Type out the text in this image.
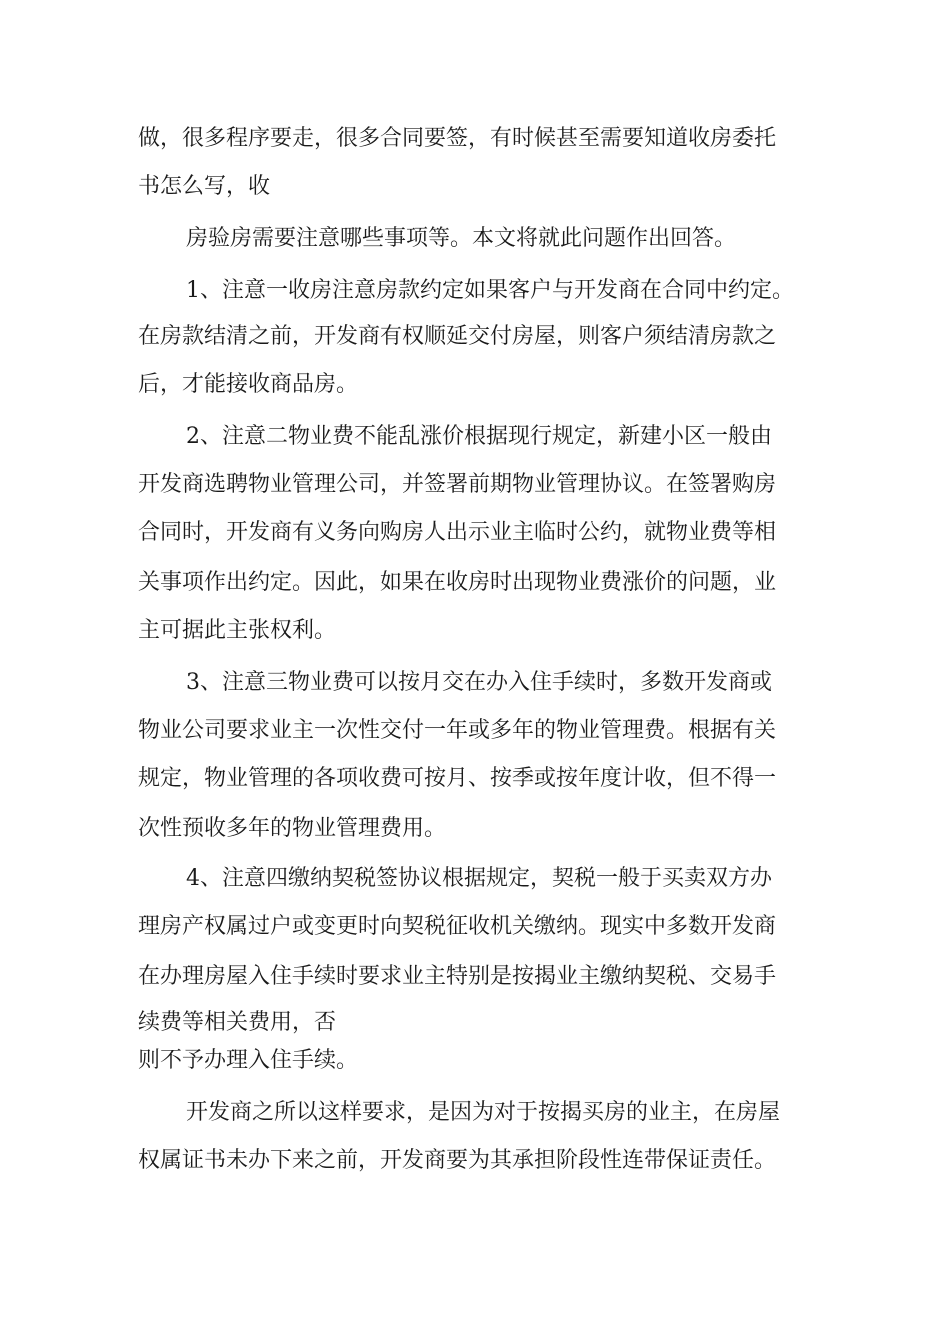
做，很多程序要走，很多合同要签，有时候甚至需要知道收房委托
书怎么写，收
房验房需要注意哪些事项等。本文将就此问题作出回答。
1、注意一收房注意房款约定如果客户与开发商在合同中约定。
在房款结清之前，开发商有权顺延交付房屋，则客户须结清房款之
后，才能接收商品房。
2、注意二物业费不能乱涨价根据现行规定，新建小区一般由
开发商选聘物业管理公司，并签署前期物业管理协议。在签署购房
合同时，开发商有义务向购房人出示业主临时公约，就物业费等相
关事项作出约定。因此，如果在收房时出现物业费涨价的问题，业
主可据此主张权利。
3、注意三物业费可以按月交在办入住手续时，多数开发商或
物业公司要求业主一次性交付一年或多年的物业管理费。根据有关
规定，物业管理的各项收费可按月、按季或按年度计收，但不得一
次性预收多年的物业管理费用。
4、注意四缴纳契税签协议根据规定，契税一般于买卖双方办
理房产权属过户或变更时向契税征收机关缴纳。现实中多数开发商
在办理房屋入住手续时要求业主特别是按揭业主缴纳契税、交易手
续费等相关费用，否
则不予办理入住手续。
开发商之所以这样要求，是因为对于按揭买房的业主，在房屋
权属证书未办下来之前，开发商要为其承担阶段性连带保证责任。
